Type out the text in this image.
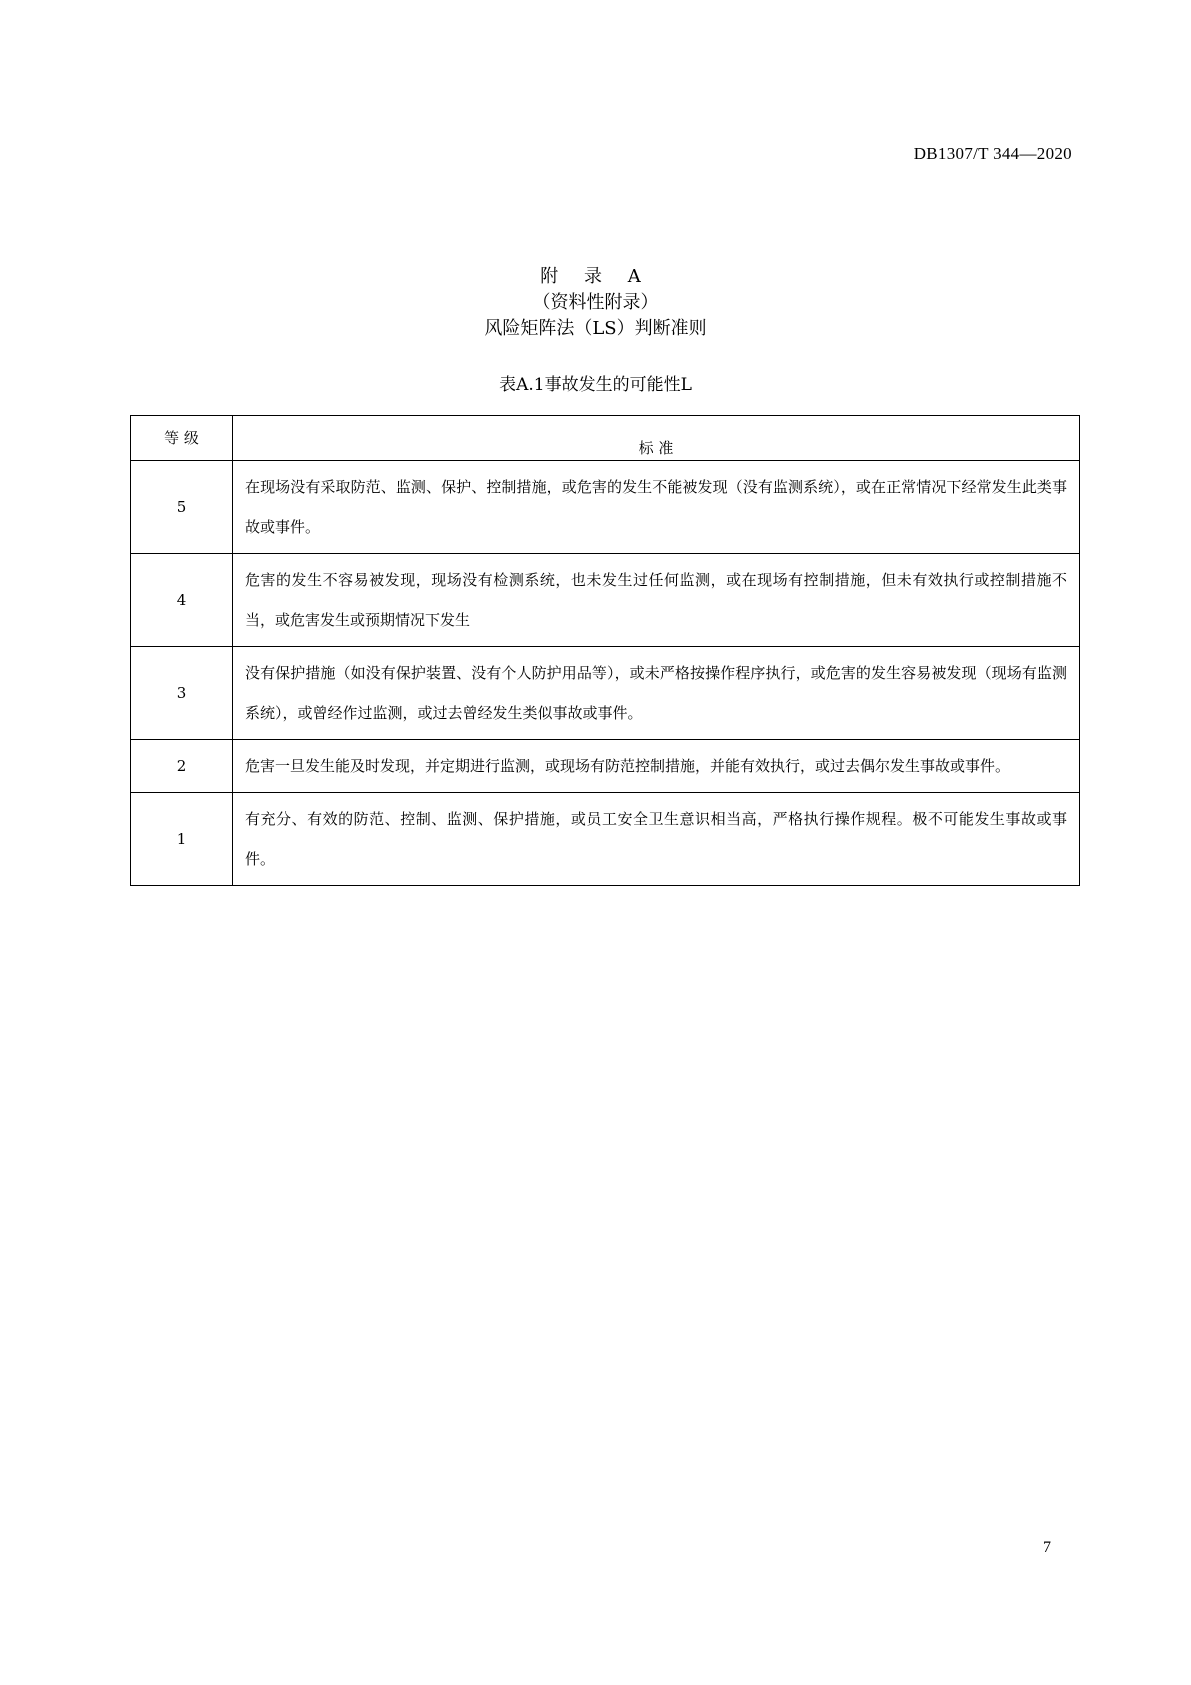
DB1307/T 344—2020
附 录 A
（资料性附录）
风险矩阵法（LS）判断准则
表A.1事故发生的可能性L
等 级	标 准
5	在现场没有采取防范、监测、保护、控制措施，或危害的发生不能被发现（没有监测系统），或在正常情况下经常发生此类事故或事件。
4	危害的发生不容易被发现，现场没有检测系统，也未发生过任何监测，或在现场有控制措施，但未有效执行或控制措施不当，或危害发生或预期情况下发生
3	没有保护措施（如没有保护装置、没有个人防护用品等），或未严格按操作程序执行，或危害的发生容易被发现（现场有监测系统），或曾经作过监测，或过去曾经发生类似事故或事件。
2	危害一旦发生能及时发现，并定期进行监测，或现场有防范控制措施，并能有效执行，或过去偶尔发生事故或事件。
1	有充分、有效的防范、控制、监测、保护措施，或员工安全卫生意识相当高，严格执行操作规程。极不可能发生事故或事件。
7
